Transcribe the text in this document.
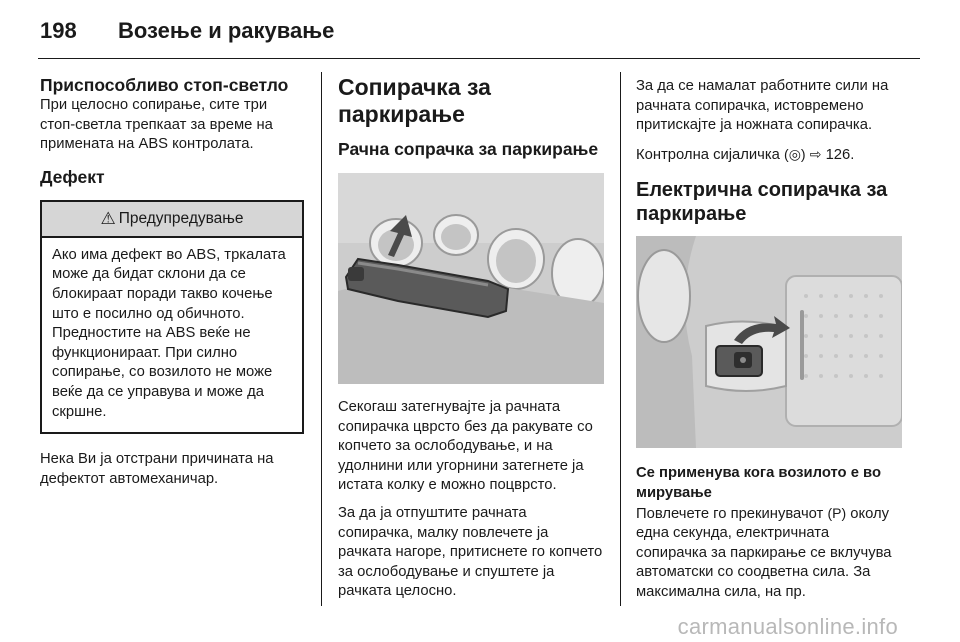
198	Возење и ракување
Приспособливо стоп-светло
При целосно сопирање, сите три стоп-светла трепкаат за време на примената на ABS контролата.
Дефект
⚠ Предупредување
Ако има дефект во ABS, тркалата може да бидат склони да се блокираат поради такво кочење што е посилно од обичното. Предностите на ABS веќе не функционираат. При силно сопирање, со возилото не може веќе да се управува и може да скршне.
Нека Ви ја отстрани причината на дефектот автомеханичар.
Сопирачка за паркирање
Рачна сопрачка за паркирање
Секогаш затегнувајте ја рачната сопирачка цврсто без да ракувате со копчето за ослободување, и на удолнини или угорнини затегнете ја истата колку е можно поцврсто.
За да ја отпуштите рачната сопирачка, малку повлечете ја рачката нагоре, притиснете го копчето за ослободување и спуштете ја рачката целосно.
За да се намалат работните сили на рачната сопирачка, истовремено притискајте ја ножната сопирачка.
Контролна сијаличка (◎) ⇨ 126.
Електрична сопирачка за паркирање
Се применува кога возилото е во мирување
Повлечете го прекинувачот (P) околу една секунда, електричната сопирачка за паркирање се вклучува автоматски со соодветна сила. За максимална сила, на пр.
carmanualsonline.info
